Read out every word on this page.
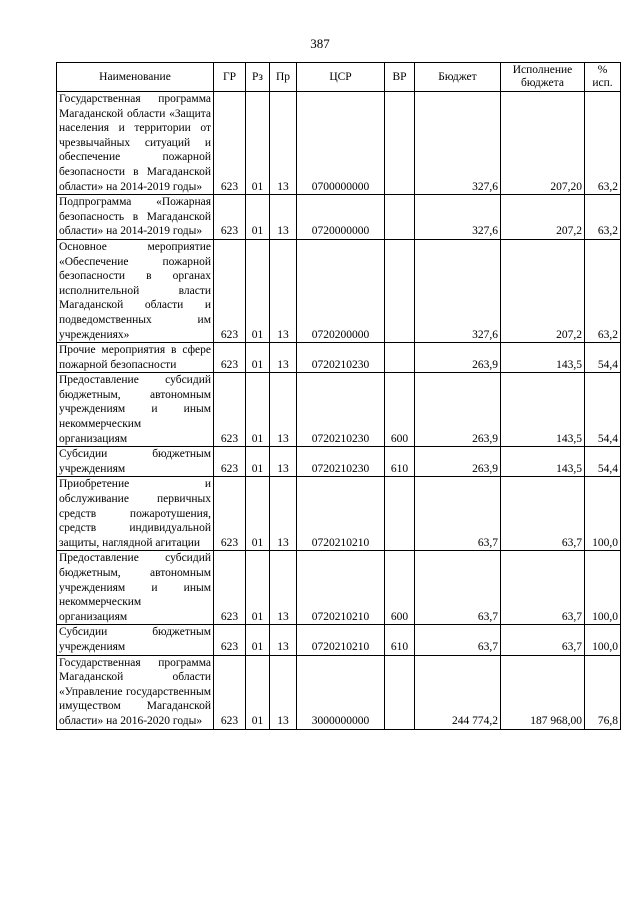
387
Наименование	ГР	Рз	Пр	ЦСР	ВР	Бюджет	Исполнение бюджета	% исп.
Государственная программа Магаданской области «Защита населения и территории от чрезвычайных ситуаций и обеспечение пожарной безопасности в Магаданской области» на 2014-2019 годы»	623	01	13	0700000000		327,6	207,20	63,2
Подпрограмма «Пожарная безопасность в Магаданской области» на 2014-2019 годы»	623	01	13	0720000000		327,6	207,2	63,2
Основное мероприятие «Обеспечение пожарной безопасности в органах исполнительной власти Магаданской области и подведомственных им учреждениях»	623	01	13	0720200000		327,6	207,2	63,2
Прочие мероприятия в сфере пожарной безопасности	623	01	13	0720210230		263,9	143,5	54,4
Предоставление субсидий бюджетным, автономным учреждениям и иным некоммерческим организациям	623	01	13	0720210230	600	263,9	143,5	54,4
Субсидии бюджетным учреждениям	623	01	13	0720210230	610	263,9	143,5	54,4
Приобретение и обслуживание первичных средств пожаротушения, средств индивидуальной защиты, наглядной агитации	623	01	13	0720210210		63,7	63,7	100,0
Предоставление субсидий бюджетным, автономным учреждениям и иным некоммерческим организациям	623	01	13	0720210210	600	63,7	63,7	100,0
Субсидии бюджетным учреждениям	623	01	13	0720210210	610	63,7	63,7	100,0
Государственная программа Магаданской области «Управление государственным имуществом Магаданской области» на 2016-2020 годы»	623	01	13	3000000000		244 774,2	187 968,00	76,8
